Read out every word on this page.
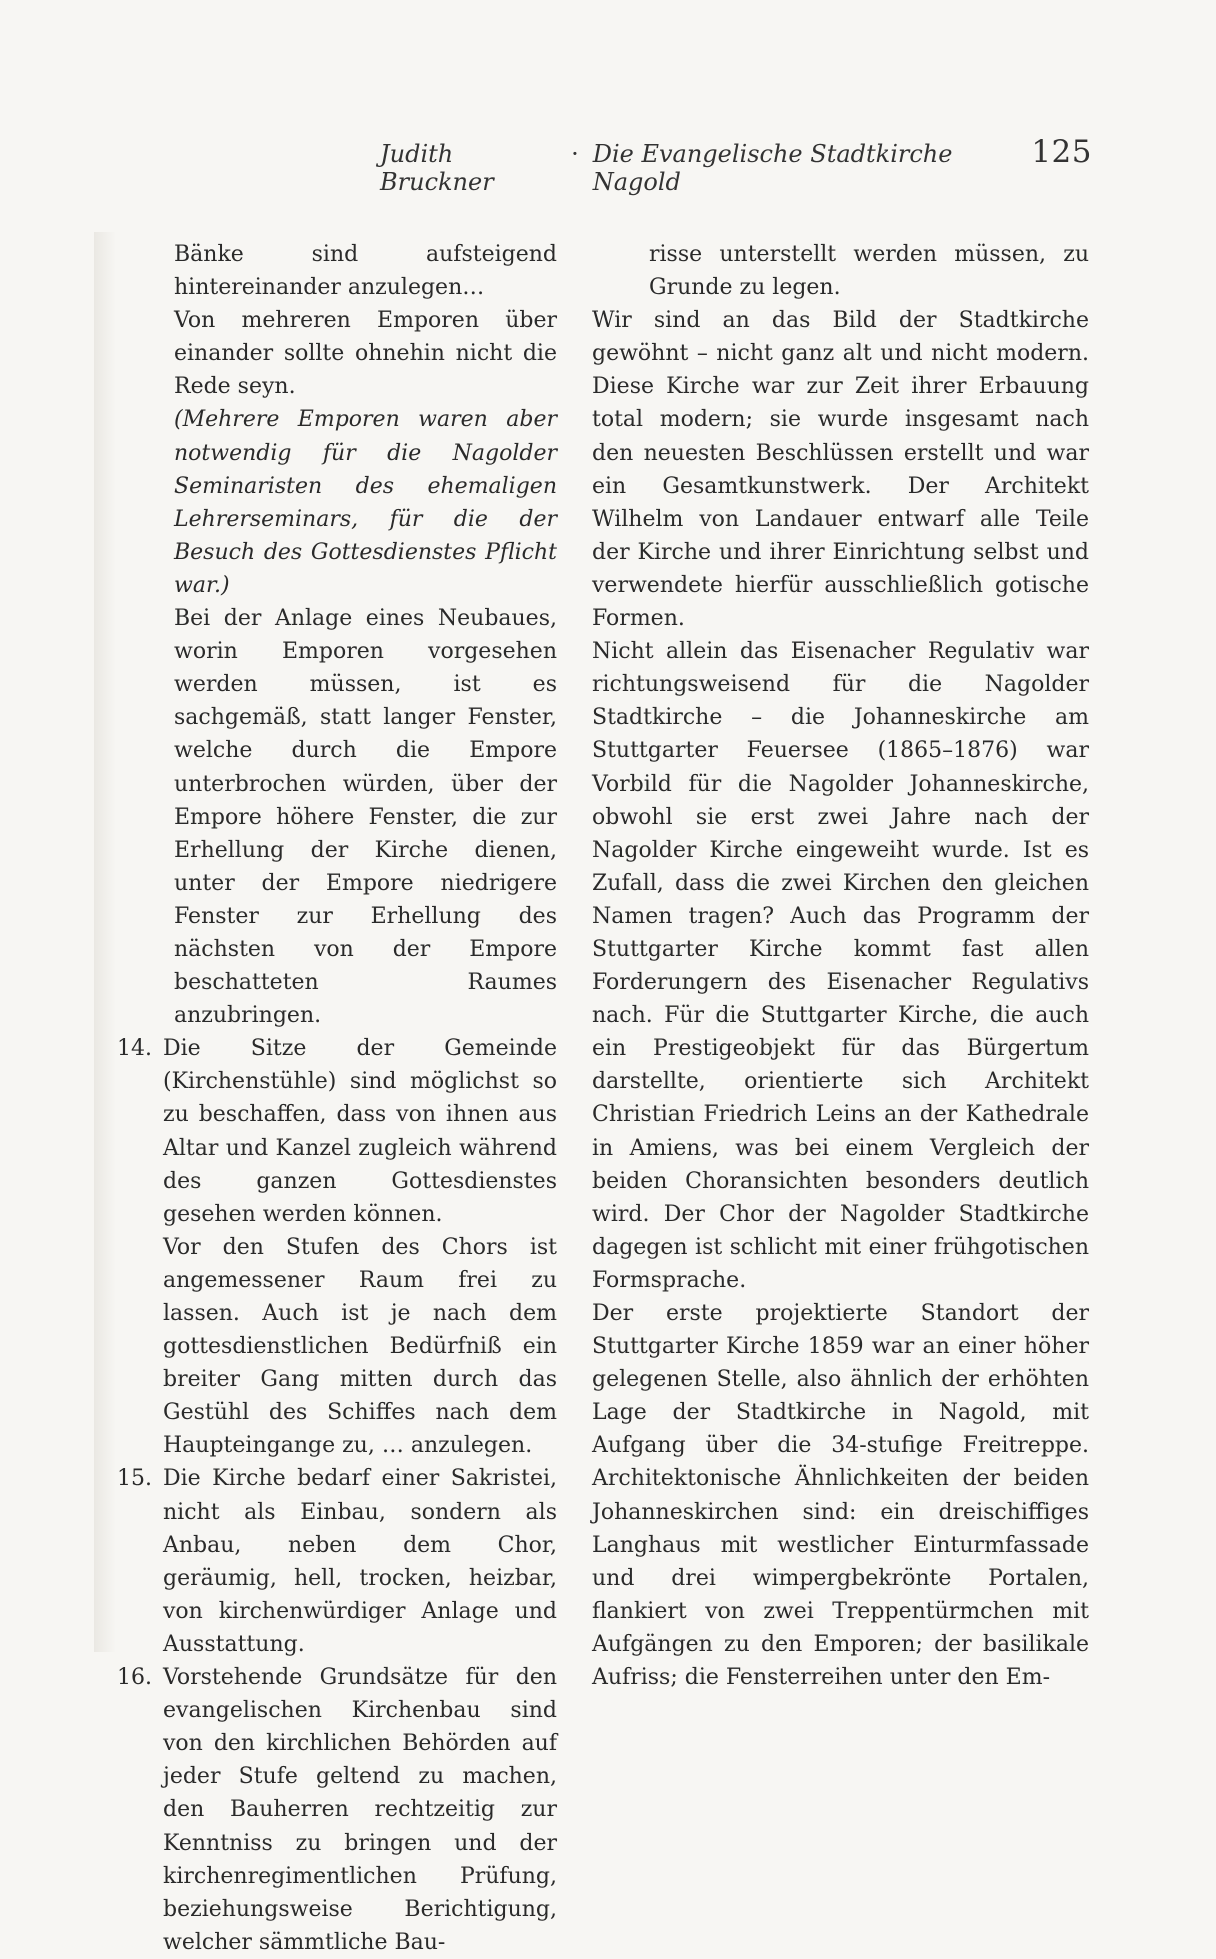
Judith Bruckner
· Die Evangelische Stadtkirche Nagold
125

Bänke sind aufsteigend hintereinander anzulegen…

Von mehreren Emporen über einander sollte ohnehin nicht die Rede seyn.

(Mehrere Emporen waren aber notwendig für die Nagolder Seminaristen des ehemaligen Lehrerseminars, für die der Besuch des Gottesdienstes Pflicht war.)

Bei der Anlage eines Neubaues, worin Emporen vorgesehen werden müssen, ist es sachgemäß, statt langer Fenster, welche durch die Empore unterbrochen würden, über der Empore höhere Fenster, die zur Erhellung der Kirche dienen, unter der Empore niedrigere Fenster zur Erhellung des nächsten von der Empore beschatteten Raumes anzubringen.

14. Die Sitze der Gemeinde (Kirchenstühle) sind möglichst so zu beschaffen, dass von ihnen aus Altar und Kanzel zugleich während des ganzen Gottesdienstes gesehen werden können.

Vor den Stufen des Chors ist angemessener Raum frei zu lassen. Auch ist je nach dem gottesdienstlichen Bedürfniß ein breiter Gang mitten durch das Gestühl des Schiffes nach dem Haupteingange zu, … anzulegen.

15. Die Kirche bedarf einer Sakristei, nicht als Einbau, sondern als Anbau, neben dem Chor, geräumig, hell, trocken, heizbar, von kirchenwürdiger Anlage und Ausstattung.

16. Vorstehende Grundsätze für den evangelischen Kirchenbau sind von den kirchlichen Behörden auf jeder Stufe geltend zu machen, den Bauherren rechtzeitig zur Kenntniss zu bringen und der kirchenregimentlichen Prüfung, beziehungsweise Berichtigung, welcher sämmtliche Bau-

risse unterstellt werden müssen, zu Grunde zu legen.

Wir sind an das Bild der Stadtkirche gewöhnt – nicht ganz alt und nicht modern. Diese Kirche war zur Zeit ihrer Erbauung total modern; sie wurde insgesamt nach den neuesten Beschlüssen erstellt und war ein Gesamtkunstwerk. Der Architekt Wilhelm von Landauer entwarf alle Teile der Kirche und ihrer Einrichtung selbst und verwendete hierfür ausschließlich gotische Formen.

Nicht allein das Eisenacher Regulativ war richtungsweisend für die Nagolder Stadtkirche – die Johanneskirche am Stuttgarter Feuersee (1865–1876) war Vorbild für die Nagolder Johanneskirche, obwohl sie erst zwei Jahre nach der Nagolder Kirche eingeweiht wurde. Ist es Zufall, dass die zwei Kirchen den gleichen Namen tragen? Auch das Programm der Stuttgarter Kirche kommt fast allen Forderungern des Eisenacher Regulativs nach. Für die Stuttgarter Kirche, die auch ein Prestigeobjekt für das Bürgertum darstellte, orientierte sich Architekt Christian Friedrich Leins an der Kathedrale in Amiens, was bei einem Vergleich der beiden Choransichten besonders deutlich wird. Der Chor der Nagolder Stadtkirche dagegen ist schlicht mit einer frühgotischen Formsprache.

Der erste projektierte Standort der Stuttgarter Kirche 1859 war an einer höher gelegenen Stelle, also ähnlich der erhöhten Lage der Stadtkirche in Nagold, mit Aufgang über die 34-stufige Freitreppe. Architektonische Ähnlichkeiten der beiden Johanneskirchen sind: ein dreischiffiges Langhaus mit westlicher Einturmfassade und drei wimpergbekrönte Portalen, flankiert von zwei Treppentürmchen mit Aufgängen zu den Emporen; der basilikale Aufriss; die Fensterreihen unter den Em-
